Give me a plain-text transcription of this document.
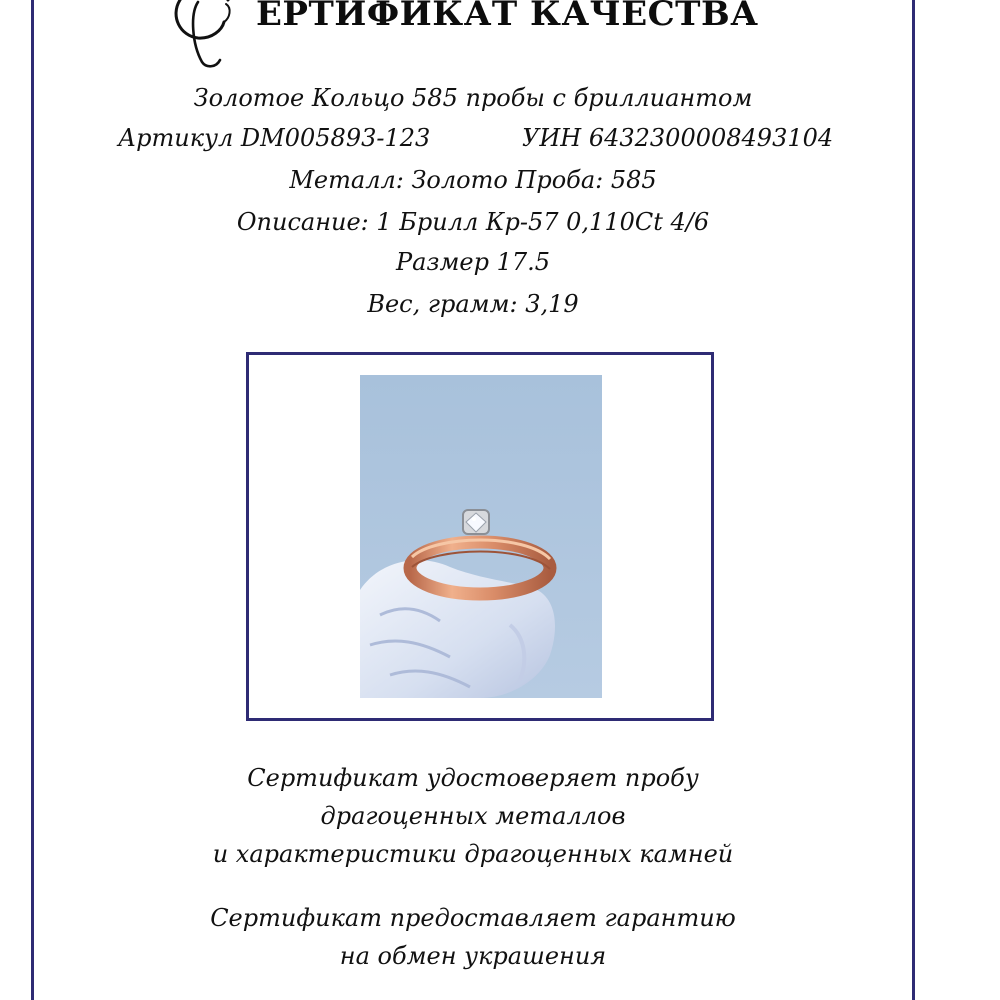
ЕРТИФИКАТ КАЧЕСТВА
Золотое Кольцо 585 пробы с бриллиантом
Артикул DM005893-123	УИН 6432300008493104
Металл: Золото Проба: 585
Описание: 1 Брилл Кр-57 0,110Ct 4/6
Размер 17.5
Вес, грамм: 3,19
Сертификат удостоверяет пробу
драгоценных металлов
и характеристики драгоценных камней
Сертификат предоставляет гарантию
на обмен украшения
